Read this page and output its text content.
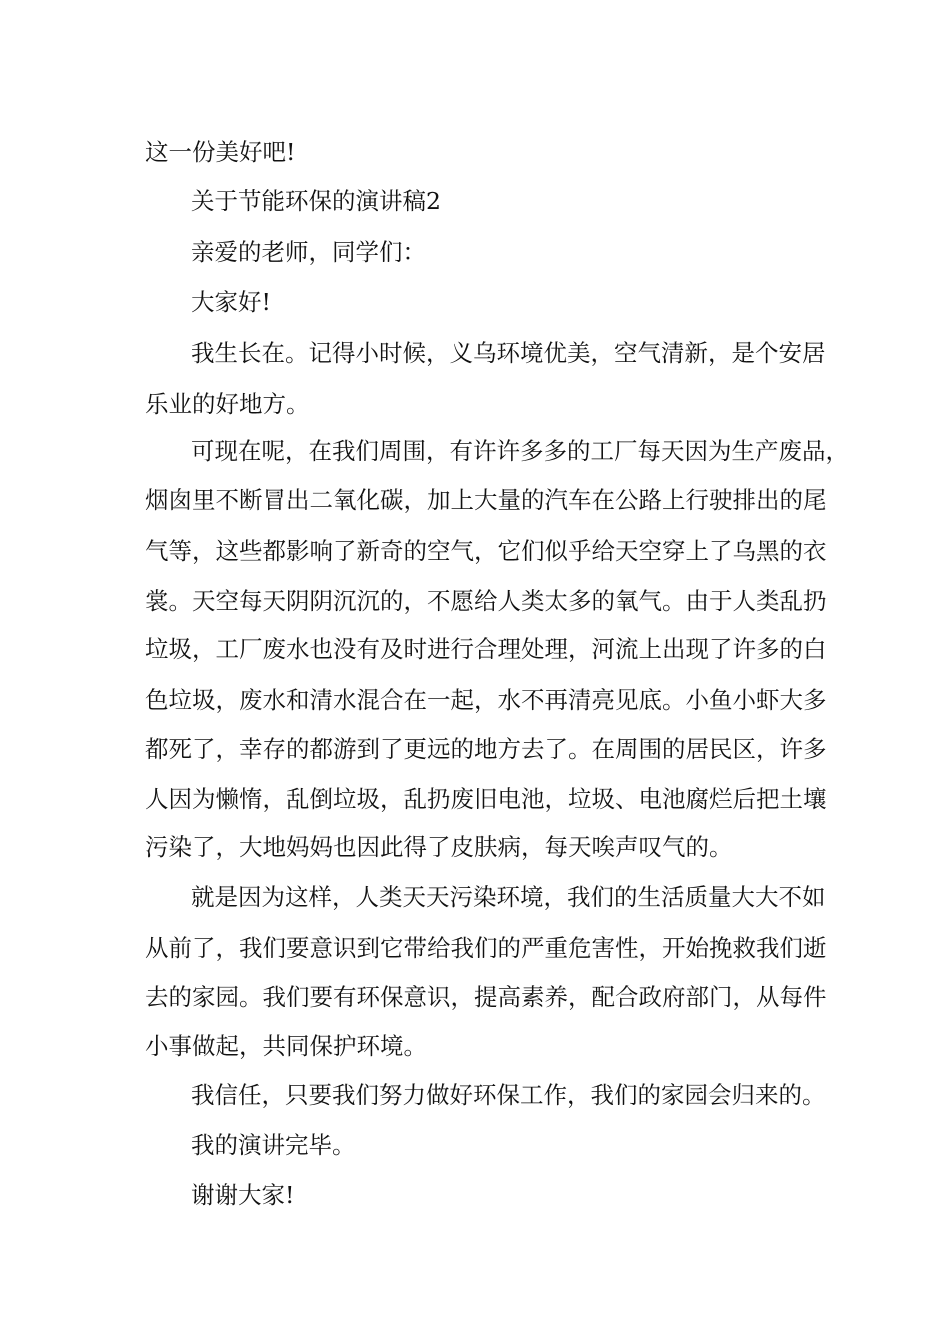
这一份美好吧!
关于节能环保的演讲稿2
亲爱的老师，同学们：
大家好!
我生长在。记得小时候，义乌环境优美，空气清新，是个安居
乐业的好地方。
可现在呢，在我们周围，有许许多多的工厂每天因为生产废品，
烟囱里不断冒出二氧化碳，加上大量的汽车在公路上行驶排出的尾
气等，这些都影响了新奇的空气，它们似乎给天空穿上了乌黑的衣
裳。天空每天阴阴沉沉的，不愿给人类太多的氧气。由于人类乱扔
垃圾，工厂废水也没有及时进行合理处理，河流上出现了许多的白
色垃圾，废水和清水混合在一起，水不再清亮见底。小鱼小虾大多
都死了，幸存的都游到了更远的地方去了。在周围的居民区，许多
人因为懒惰，乱倒垃圾，乱扔废旧电池，垃圾、电池腐烂后把土壤
污染了，大地妈妈也因此得了皮肤病，每天唉声叹气的。
就是因为这样，人类天天污染环境，我们的生活质量大大不如
从前了，我们要意识到它带给我们的严重危害性，开始挽救我们逝
去的家园。我们要有环保意识，提高素养，配合政府部门，从每件
小事做起，共同保护环境。
我信任，只要我们努力做好环保工作，我们的家园会归来的。
我的演讲完毕。
谢谢大家!
